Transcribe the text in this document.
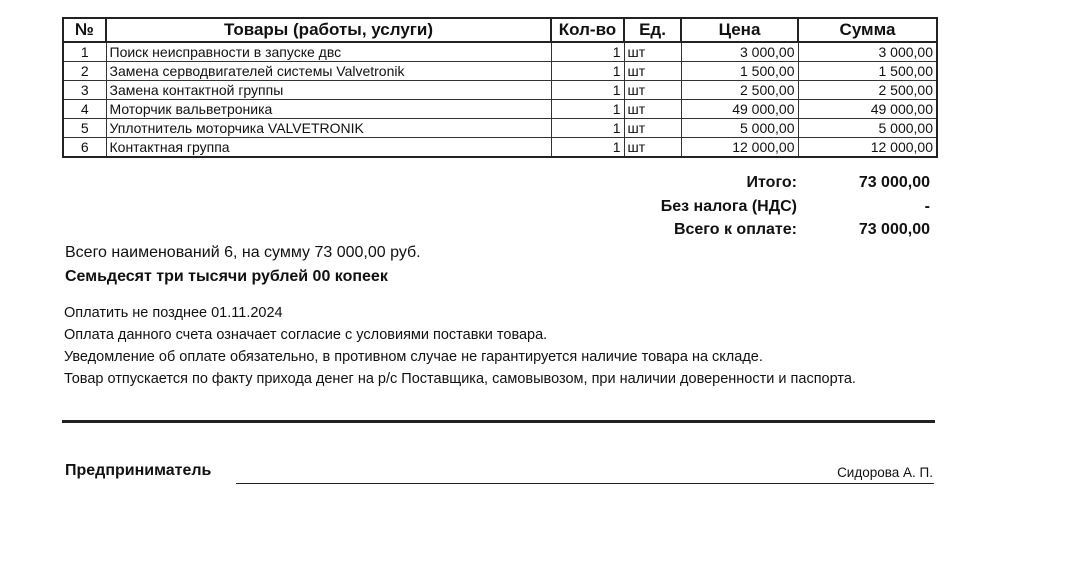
№	Товары (работы, услуги)	Кол-во	Ед.	Цена	Сумма
1	Поиск неисправности в запуске двс	1	шт	3 000,00	3 000,00
2	Замена серводвигателей системы Valvetronik	1	шт	1 500,00	1 500,00
3	Замена контактной группы	1	шт	2 500,00	2 500,00
4	Моторчик вальветроника	1	шт	49 000,00	49 000,00
5	Уплотнитель моторчика VALVETRONIK	1	шт	5 000,00	5 000,00
6	Контактная группа	1	шт	12 000,00	12 000,00
Итого:	73 000,00
Без налога (НДС)	-
Всего к оплате:	73 000,00
Всего наименований 6, на сумму 73 000,00 руб.
Семьдесят три тысячи рублей 00 копеек

Оплатить не позднее 01.11.2024

Оплата данного счета означает согласие с условиями поставки товара.

Уведомление об оплате обязательно, в противном случае не гарантируется наличие товара на складе.

Товар отпускается по факту прихода денег на р/с Поставщика, самовывозом, при наличии доверенности и паспорта.

Предприниматель	Сидорова А. П.
